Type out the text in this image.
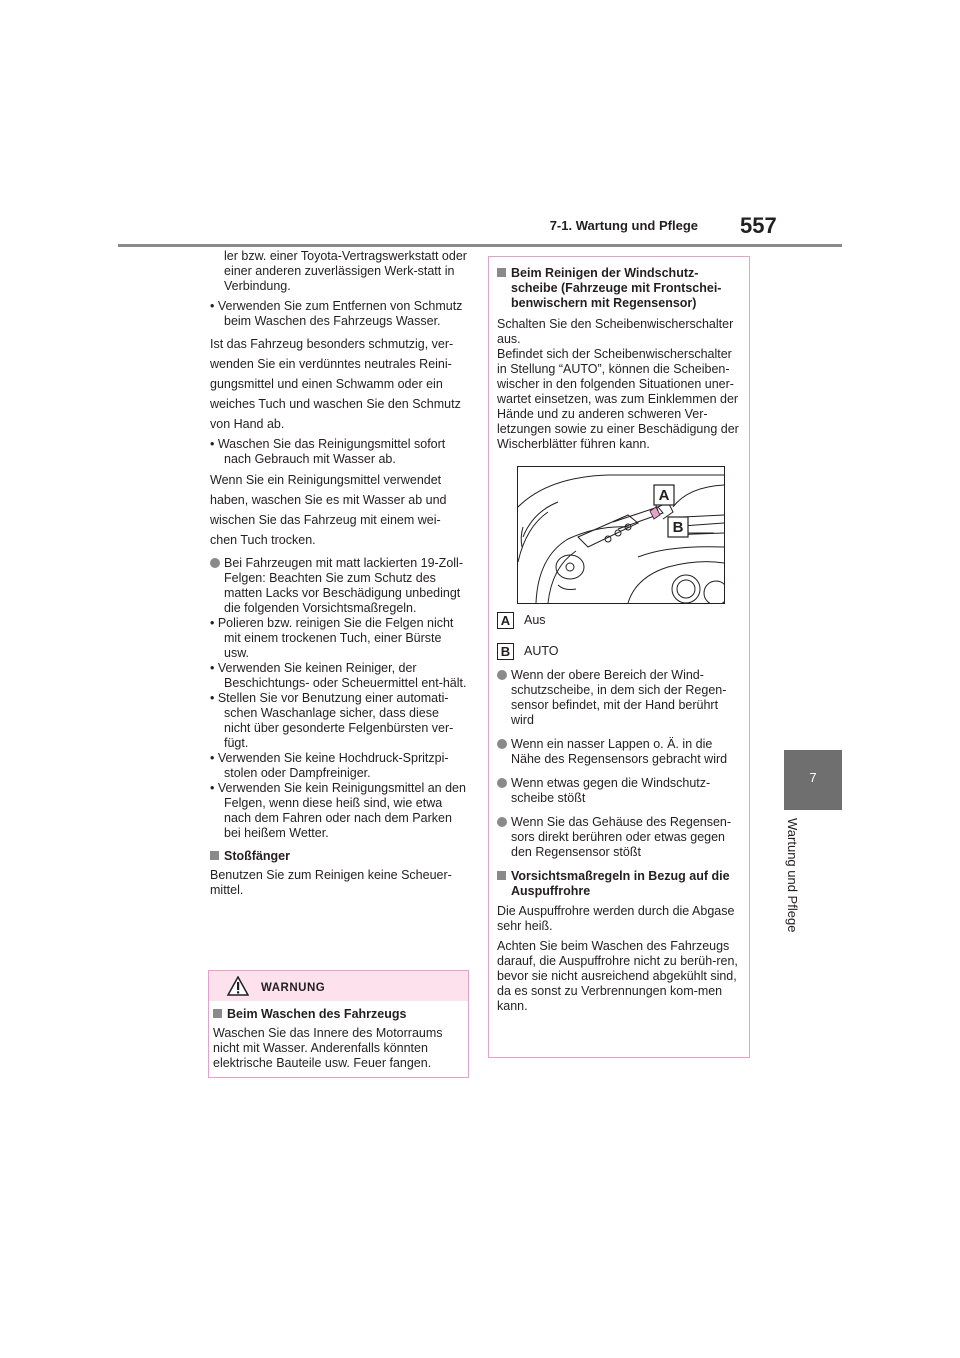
7-1. Wartung und Pflege 557
7
Wartung und Pflege

ler bzw. einer Toyota-Vertragswerkstatt oder einer anderen zuverlässigen Werk-statt in Verbindung.

• Verwenden Sie zum Entfernen von Schmutz beim Waschen des Fahrzeugs Wasser.

Ist das Fahrzeug besonders schmutzig, ver-

wenden Sie ein verdünntes neutrales Reini-

gungsmittel und einen Schwamm oder ein

weiches Tuch und waschen Sie den Schmutz

von Hand ab.

• Waschen Sie das Reinigungsmittel sofort nach Gebrauch mit Wasser ab.

Wenn Sie ein Reinigungsmittel verwendet

haben, waschen Sie es mit Wasser ab und

wischen Sie das Fahrzeug mit einem wei-

chen Tuch trocken.

Bei Fahrzeugen mit matt lackierten 19-Zoll-Felgen: Beachten Sie zum Schutz des matten Lacks vor Beschädigung unbedingt die folgenden Vorsichtsmaßregeln.

• Polieren bzw. reinigen Sie die Felgen nicht mit einem trockenen Tuch, einer Bürste usw.

• Verwenden Sie keinen Reiniger, der Beschichtungs- oder Scheuermittel ent-hält.

• Stellen Sie vor Benutzung einer automati-schen Waschanlage sicher, dass diese nicht über gesonderte Felgenbürsten ver-fügt.

• Verwenden Sie keine Hochdruck-Spritzpi-stolen oder Dampfreiniger.

• Verwenden Sie kein Reinigungsmittel an den Felgen, wenn diese heiß sind, wie etwa nach dem Fahren oder nach dem Parken bei heißem Wetter.

Stoßfänger

Benutzen Sie zum Reinigen keine Scheuer-mittel.

WARNUNG
Beim Waschen des Fahrzeugs

Waschen Sie das Innere des Motorraums nicht mit Wasser. Anderenfalls könnten elektrische Bauteile usw. Feuer fangen.

Beim Reinigen der Windschutz-scheibe (Fahrzeuge mit Frontschei-benwischern mit Regensensor)

Schalten Sie den Scheibenwischerschalter aus.

Befindet sich der Scheibenwischerschalter in Stellung “AUTO”, können die Scheiben-wischer in den folgenden Situationen uner-wartet einsetzen, was zum Einklemmen der Hände und zu anderen schweren Ver-letzungen sowie zu einer Beschädigung der Wischerblätter führen kann.

A
B
A	Aus
B	AUTO

Wenn der obere Bereich der Wind-schutzscheibe, in dem sich der Regen-sensor befindet, mit der Hand berührt wird

Wenn ein nasser Lappen o. Ä. in die Nähe des Regensensors gebracht wird

Wenn etwas gegen die Windschutz-scheibe stößt

Wenn Sie das Gehäuse des Regensen-sors direkt berühren oder etwas gegen den Regensensor stößt

Vorsichtsmaßregeln in Bezug auf die Auspuffrohre

Die Auspuffrohre werden durch die Abgase sehr heiß.

Achten Sie beim Waschen des Fahrzeugs darauf, die Auspuffrohre nicht zu berüh-ren, bevor sie nicht ausreichend abgekühlt sind, da es sonst zu Verbrennungen kom-men kann.
